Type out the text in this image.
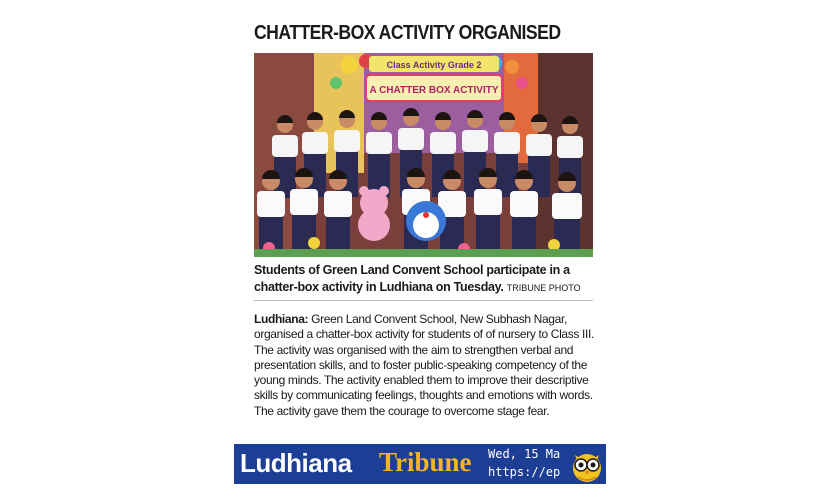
CHATTER-BOX ACTIVITY ORGANISED
Class Activity Grade 2
A CHATTER BOX ACTIVITY

Students of Green Land Convent School participate in a chatter-box activity in Ludhiana on Tuesday. TRIBUNE PHOTO

Ludhiana: Green Land Convent School, New Subhash Nagar, organised a chatter-box activity for students of of nursery to Class III. The activity was organised with the aim to strengthen verbal and presentation skills, and to foster public-speaking competency of the young minds. The activity enabled them to improve their descriptive skills by communicating feelings, thoughts and emotions with words. The activity gave them the courage to overcome stage fear.

Ludhiana Tribune Wed, 15 Ma
https://ep
